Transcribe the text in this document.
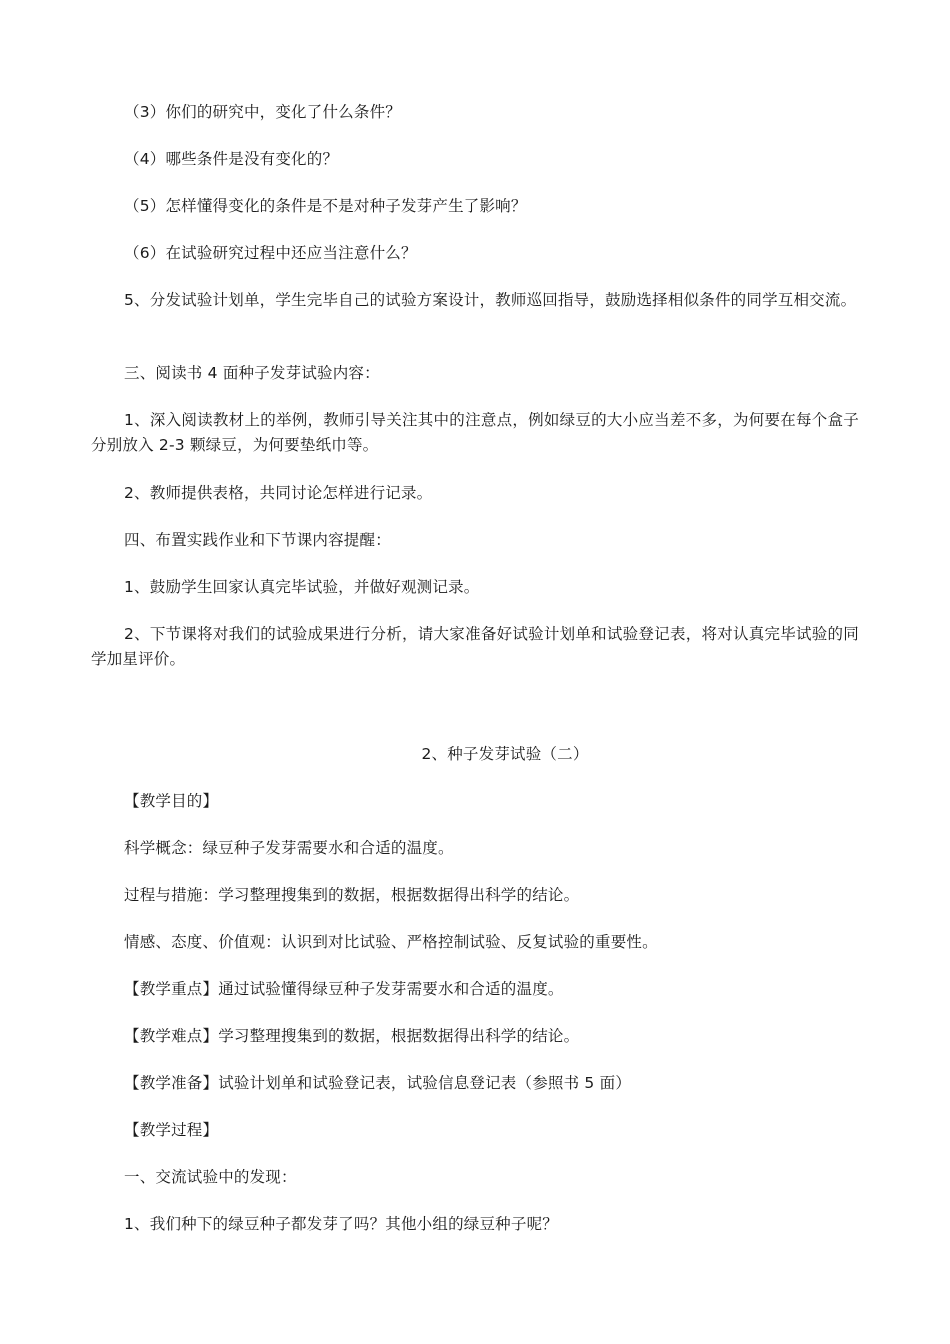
（3）你们的研究中，变化了什么条件？

（4）哪些条件是没有变化的？

（5）怎样懂得变化的条件是不是对种子发芽产生了影响？

（6）在试验研究过程中还应当注意什么？

5、分发试验计划单，学生完毕自己的试验方案设计，教师巡回指导，鼓励选择相似条件的同学互相交流。

三、阅读书 4 面种子发芽试验内容：

1、深入阅读教材上的举例，教师引导关注其中的注意点，例如绿豆的大小应当差不多，为何要在每个盒子分别放入 2-3 颗绿豆，为何要垫纸巾等。

2、教师提供表格，共同讨论怎样进行记录。

四、布置实践作业和下节课内容提醒：

1、鼓励学生回家认真完毕试验，并做好观测记录。

2、下节课将对我们的试验成果进行分析，请大家准备好试验计划单和试验登记表，将对认真完毕试验的同学加星评价。

2、种子发芽试验（二）

【教学目的】

科学概念：绿豆种子发芽需要水和合适的温度。

过程与措施：学习整理搜集到的数据，根据数据得出科学的结论。

情感、态度、价值观：认识到对比试验、严格控制试验、反复试验的重要性。

【教学重点】通过试验懂得绿豆种子发芽需要水和合适的温度。

【教学难点】学习整理搜集到的数据，根据数据得出科学的结论。

【教学准备】试验计划单和试验登记表，试验信息登记表（参照书 5 面）

【教学过程】

一、交流试验中的发现：

1、我们种下的绿豆种子都发芽了吗？其他小组的绿豆种子呢？
